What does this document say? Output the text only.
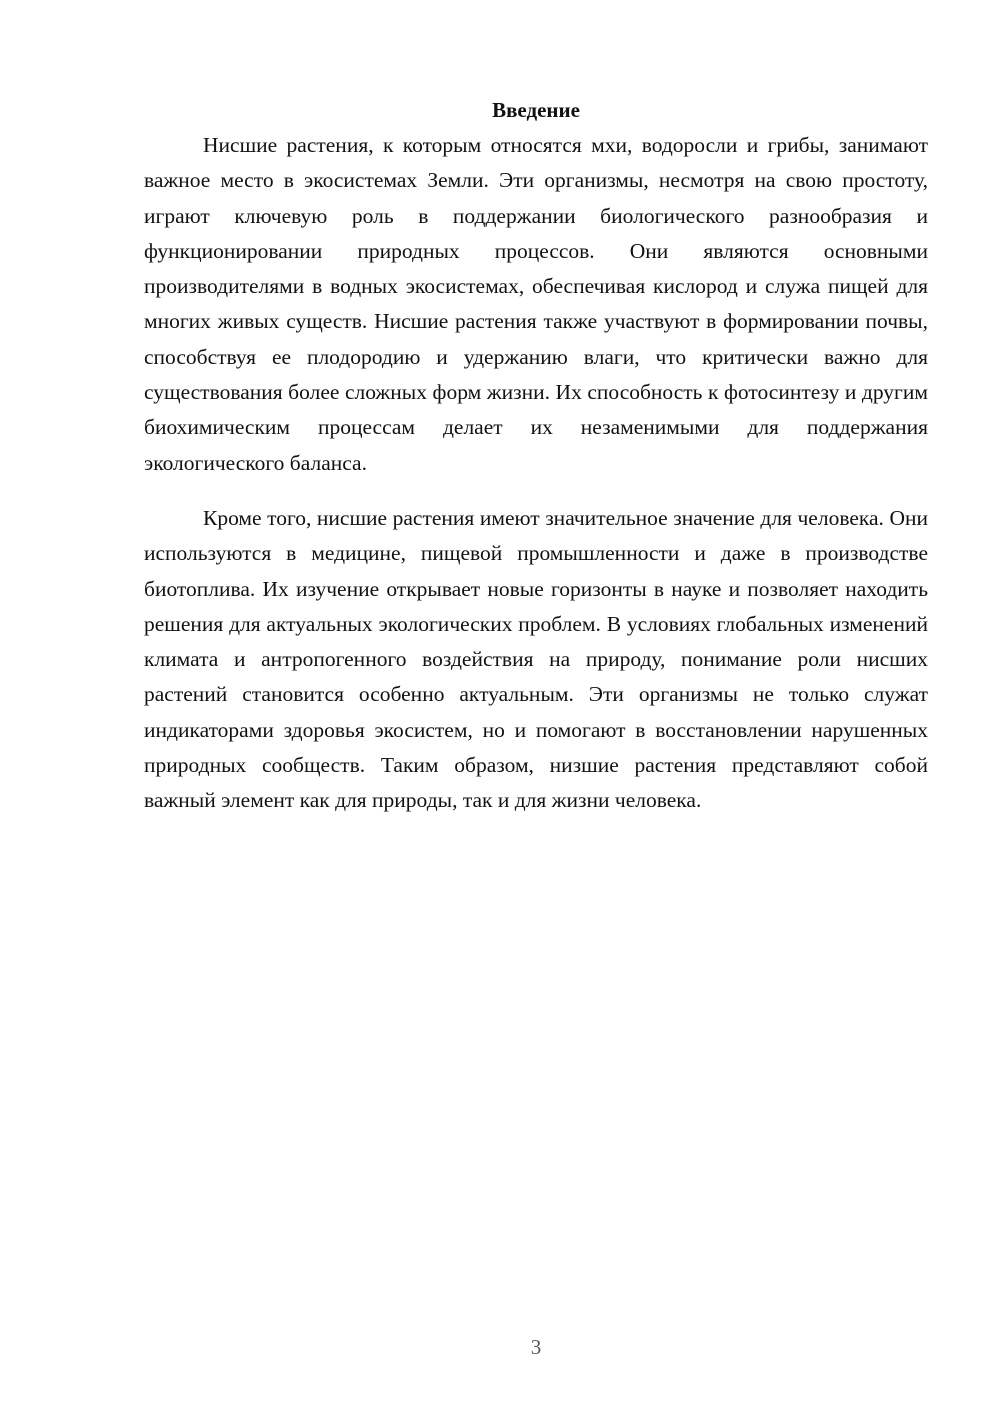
Введение

Нисшие растения, к которым относятся мхи, водоросли и грибы, занимают важное место в экосистемах Земли. Эти организмы, несмотря на свою простоту, играют ключевую роль в поддержании биологического разнообразия и функционировании природных процессов. Они являются основными производителями в водных экосистемах, обеспечивая кислород и служа пищей для многих живых существ. Нисшие растения также участвуют в формировании почвы, способствуя ее плодородию и удержанию влаги, что критически важно для существования более сложных форм жизни. Их способность к фотосинтезу и другим биохимическим процессам делает их незаменимыми для поддержания экологического баланса.

Кроме того, нисшие растения имеют значительное значение для человека. Они используются в медицине, пищевой промышленности и даже в производстве биотоплива. Их изучение открывает новые горизонты в науке и позволяет находить решения для актуальных экологических проблем. В условиях глобальных изменений климата и антропогенного воздействия на природу, понимание роли нисших растений становится особенно актуальным. Эти организмы не только служат индикаторами здоровья экосистем, но и помогают в восстановлении нарушенных природных сообществ. Таким образом, низшие растения представляют собой важный элемент как для природы, так и для жизни человека.

3
